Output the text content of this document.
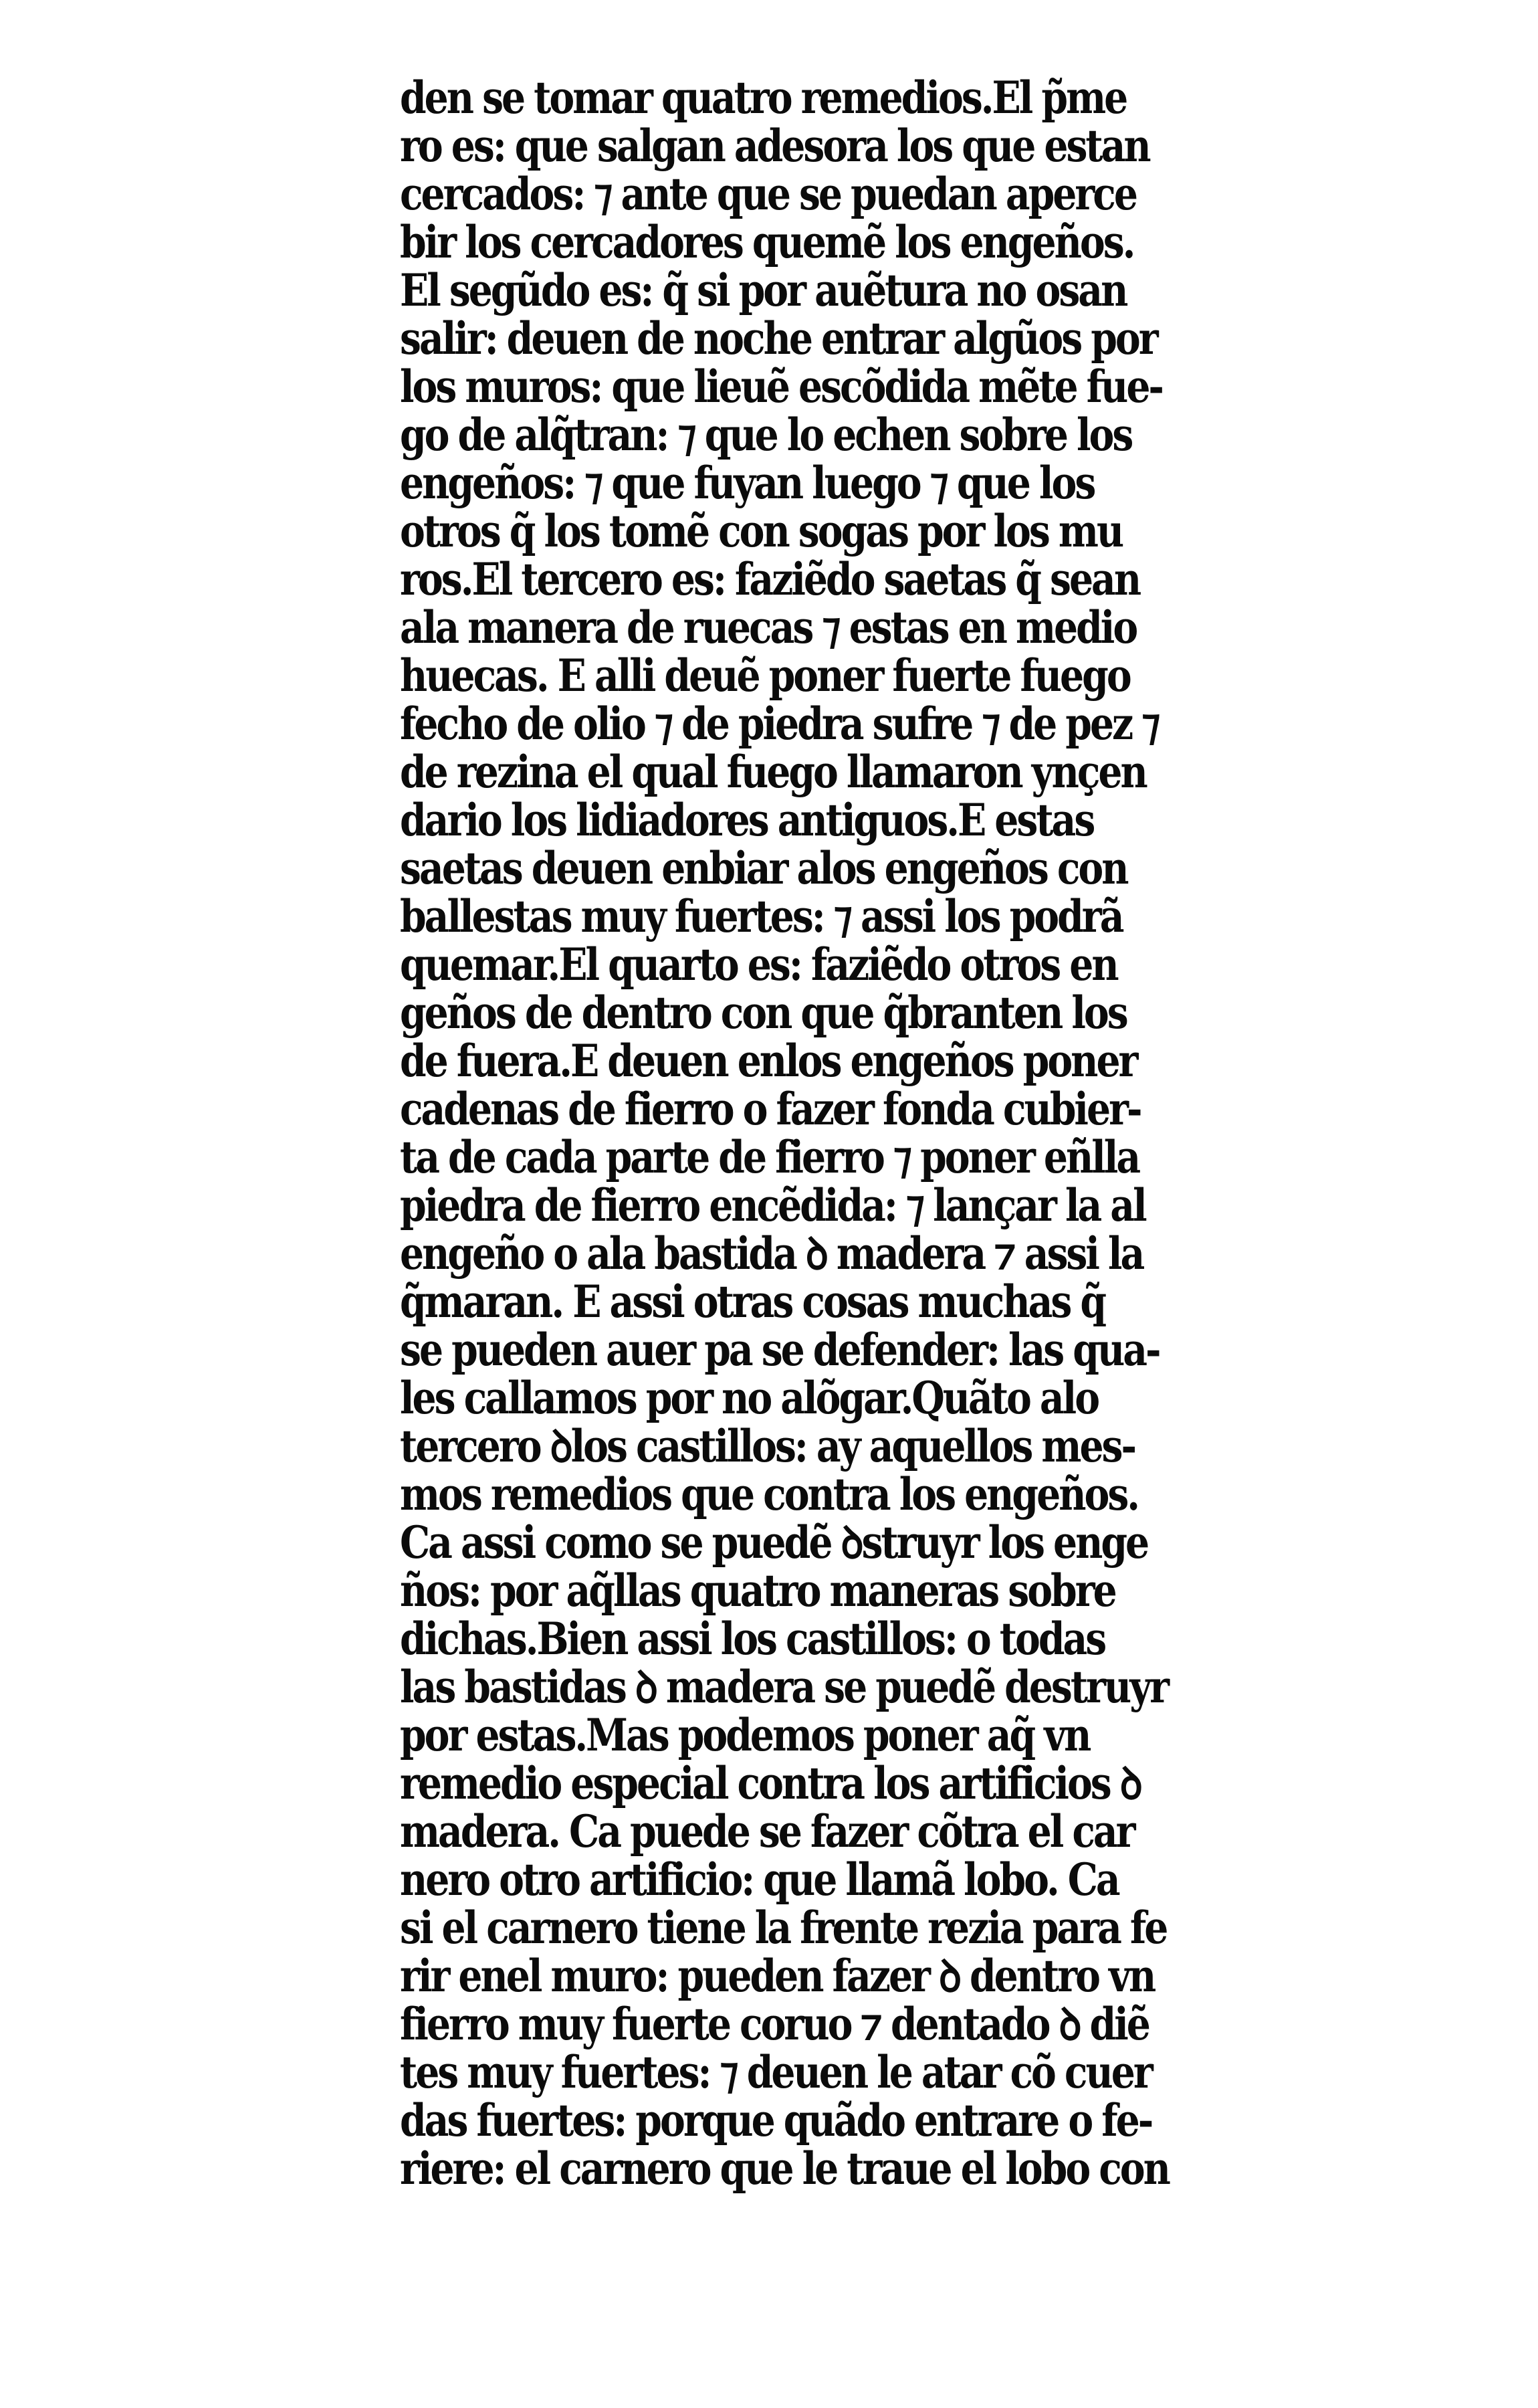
den se tomar quatro remedios.El p̃me
ro es: que salgan adesora los que estan
cercados: ⁊ ante que se puedan aperce
bir los cercadores quemẽ los engeños.
El segũdo es: q̃ si por auẽtura no osan
salir: deuen de noche entrar algũos por
los muros: que lieuẽ escõdida mẽte fue-
go de alq̃tran: ⁊ que lo echen sobre los
engeños: ⁊ que fuyan luego ⁊ que los
otros q̃ los tomẽ con sogas por los mu
ros.El tercero es: faziẽdo saetas q̃ sean
ala manera de ruecas ⁊ estas en medio
huecas. E alli deuẽ poner fuerte fuego
fecho de olio ⁊ de piedra sufre ⁊ de pez ⁊
de rezina el qual fuego llamaron ynçen
dario los lidiadores antiguos.E estas
saetas deuen enbiar alos engeños con
ballestas muy fuertes: ⁊ assi los podrã
quemar.El quarto es: faziẽdo otros en
geños de dentro con que q̃branten los
de fuera.E deuen enlos engeños poner
cadenas de fierro o fazer fonda cubier-
ta de cada parte de fierro ⁊ poner eñlla
piedra de fierro encẽdida: ⁊ lançar la al
engeño o ala bastida ꝺ madera ⁊ assi la
q̃maran. E assi otras cosas muchas q̃
se pueden auer pa se defender: las qua-
les callamos por no alõgar.Quãto alo
tercero ꝺlos castillos: ay aquellos mes-
mos remedios que contra los engeños.
Ca assi como se puedẽ ꝺstruyr los enge
ños: por aq̃llas quatro maneras sobre
dichas.Bien assi los castillos: o todas
las bastidas ꝺ madera se puedẽ destruyr
por estas.Mas podemos poner aq̃ vn
remedio especial contra los artificios ꝺ
madera. Ca puede se fazer cõtra el car
nero otro artificio: que llamã lobo. Ca
si el carnero tiene la frente rezia para fe
rir enel muro: pueden fazer ꝺ dentro vn
fierro muy fuerte coruo ⁊ dentado ꝺ diẽ
tes muy fuertes: ⁊ deuen le atar cõ cuer
das fuertes: porque quãdo entrare o fe-
riere: el carnero que le traue el lobo con
